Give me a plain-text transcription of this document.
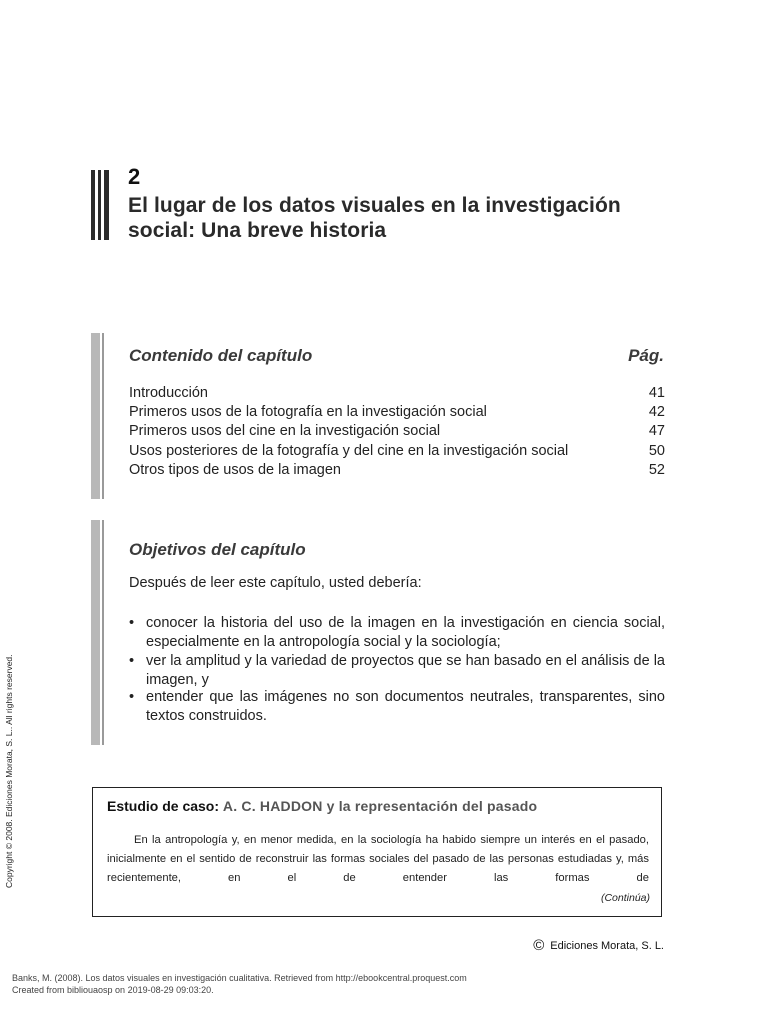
2
El lugar de los datos visuales en la investigación
social: Una breve historia
Contenido del capítulo	Pág.
Introducción	41
Primeros usos de la fotografía en la investigación social	42
Primeros usos del cine en la investigación social	47
Usos posteriores de la fotografía y del cine en la investigación social	50
Otros tipos de usos de la imagen	52
Objetivos del capítulo
Después de leer este capítulo, usted debería:
• conocer la historia del uso de la imagen en la investigación en ciencia social, especialmente en la antropología social y la sociología;
• ver la amplitud y la variedad de proyectos que se han basado en el análisis de la imagen, y
• entender que las imágenes no son documentos neutrales, transparentes, sino textos construidos.
Estudio de caso: A. C. HADDON y la representación del pasado
En la antropología y, en menor medida, en la sociología ha habido siempre un interés en el pasado, inicialmente en el sentido de reconstruir las formas sociales del pasado de las personas estudiadas y, más recientemente, en el de entender las formas de
(Continúa)
© Ediciones Morata, S. L.
Copyright © 2008. Ediciones Morata, S. L.. All rights reserved.
Banks, M. (2008). Los datos visuales en investigación cualitativa. Retrieved from http://ebookcentral.proquest.com
Created from bibliouaosp on 2019-08-29 09:03:20.
